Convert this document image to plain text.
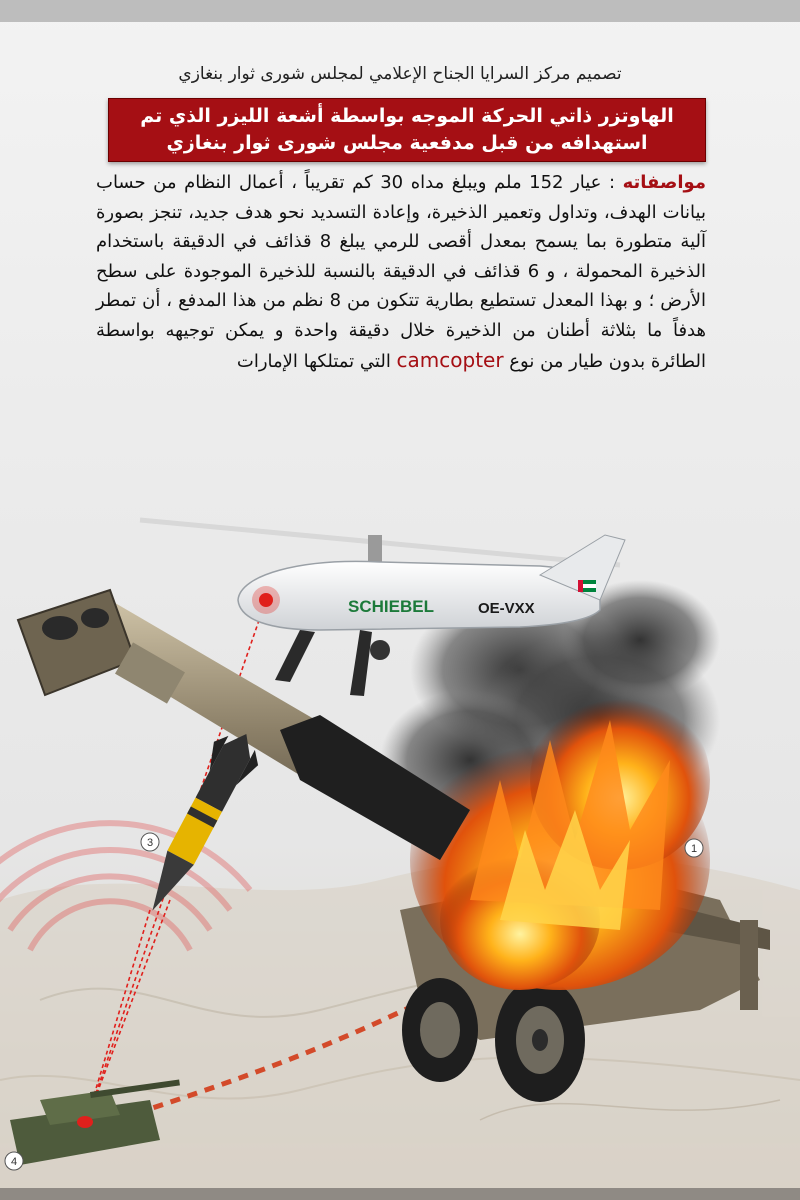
تصميم مركز السرايا الجناح الإعلامي لمجلس شورى ثوار بنغازي
الهاوتزر ذاتي الحركة الموجه بواسطة أشعة الليزر الذي تم
استهدافه من قبل مدفعية مجلس شورى ثوار بنغازي
مواصفاته : عيار 152 ملم ويبلغ مداه 30 كم تقريباً ، أعمال النظام من حساب بيانات الهدف، وتداول وتعمير الذخيرة، وإعادة التسديد نحو هدف جديد، تنجز بصورة آلية متطورة بما يسمح بمعدل أقصى للرمي يبلغ 8 قذائف في الدقيقة باستخدام الذخيرة المحمولة ، و 6 قذائف في الدقيقة بالنسبة للذخيرة الموجودة على سطح الأرض ؛ و بهذا المعدل تستطيع بطارية تتكون من 8 نظم من هذا المدفع ، أن تمطر هدفاً ما بثلاثة أطنان من الذخيرة خلال دقيقة واحدة و يمكن توجيهه بواسطة الطائرة بدون طيار من نوع camcopter التي تمتلكها الإمارات
SCHIEBEL	OE-VXX
3	1
4
